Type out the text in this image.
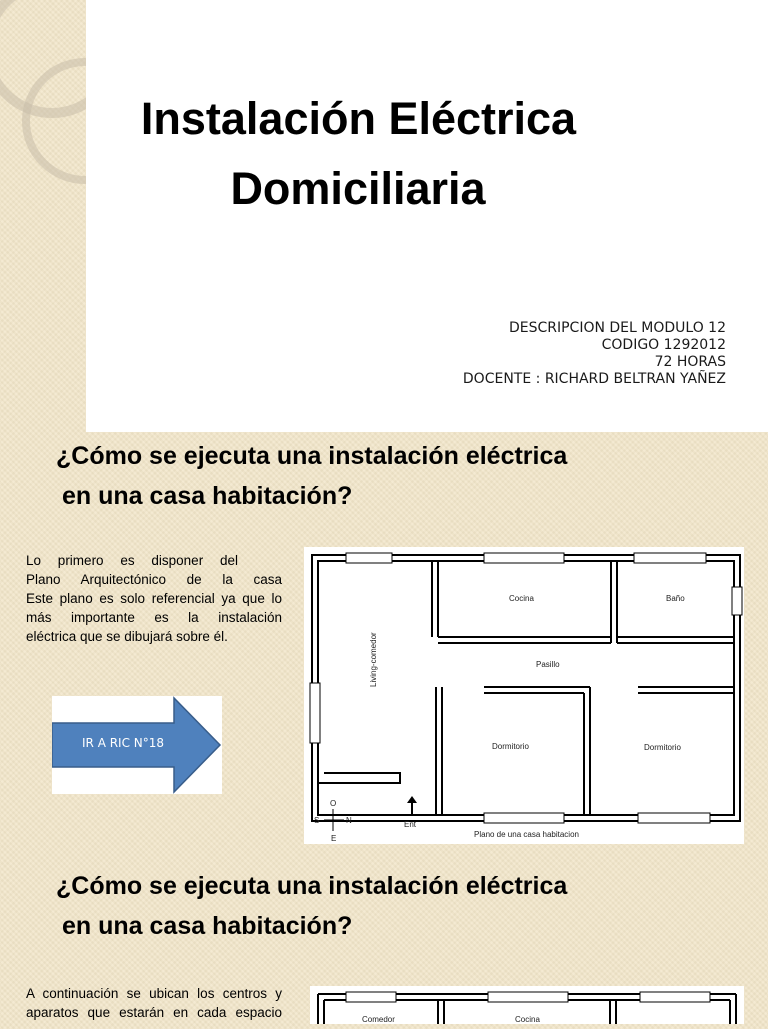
Instalación Eléctrica
Domiciliaria
DESCRIPCION DEL MODULO 12
CODIGO 1292012
72 HORAS
DOCENTE : RICHARD BELTRAN YAÑEZ
¿Cómo se ejecuta una instalación eléctrica
en una casa habitación?
Lo primero es disponer del
Plano Arquitectónico de la casa
Este plano es solo referencial ya que lo
más importante es la instalación
eléctrica que se dibujará sobre él.
IR A RIC N°18
Cocina	Baño
Living-comedor	Pasillo
Dormitorio	Dormitorio
Ent
Plano de una casa habitacion
O
S	N
E
¿Cómo se ejecuta una instalación eléctrica
en una casa habitación?
A continuación se ubican los centros y
aparatos que estarán en cada espacio	Comedor	Cocina
